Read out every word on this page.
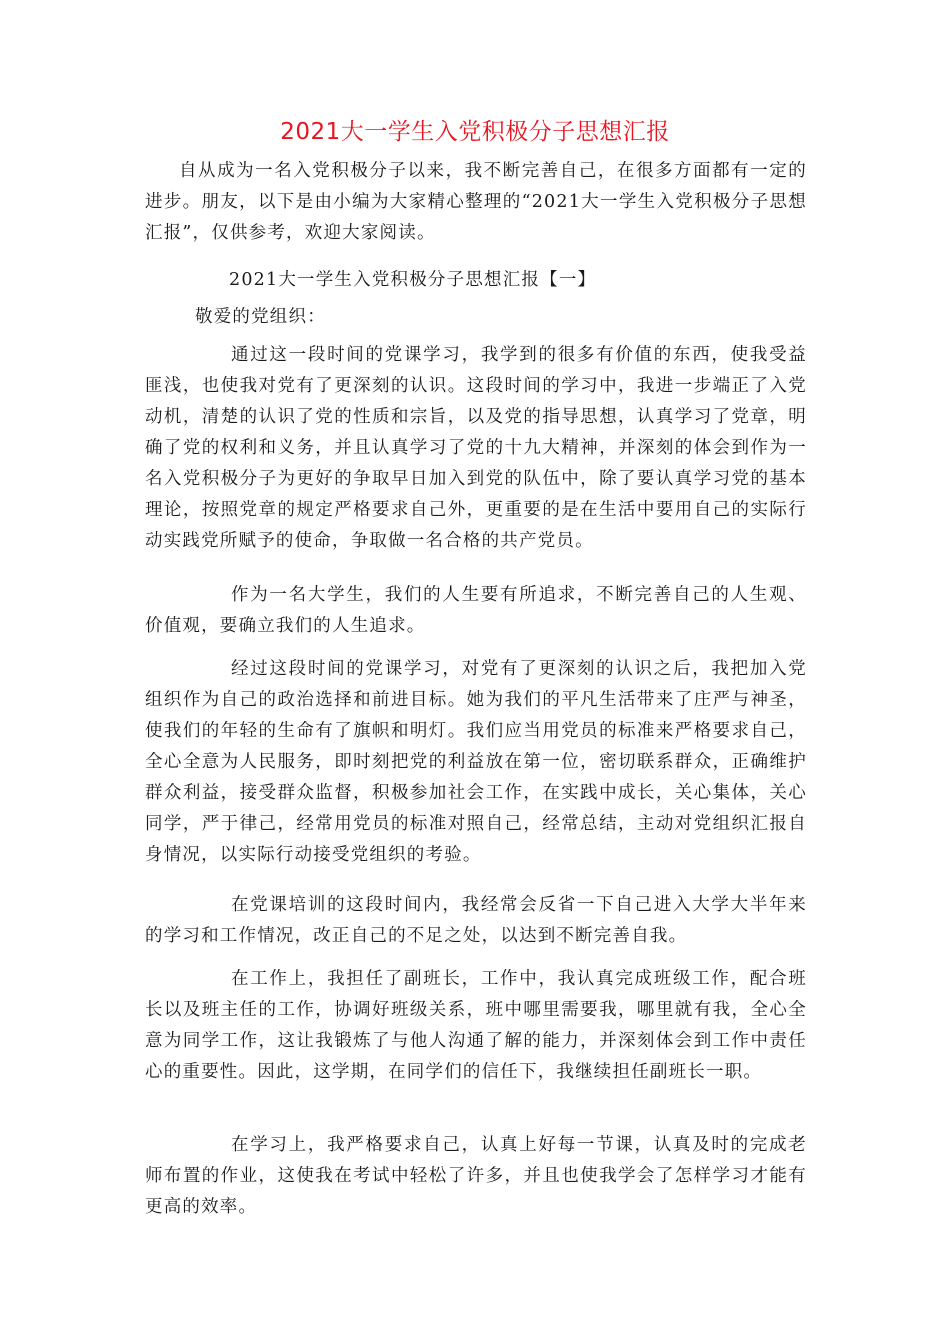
2021大一学生入党积极分子思想汇报

自从成为一名入党积极分子以来，我不断完善自己，在很多方面都有一定的进步。朋友，以下是由小编为大家精心整理的“2021大一学生入党积极分子思想汇报”，仅供参考，欢迎大家阅读。

2021大一学生入党积极分子思想汇报【一】

敬爱的党组织：

通过这一段时间的党课学习，我学到的很多有价值的东西，使我受益匪浅，也使我对党有了更深刻的认识。这段时间的学习中，我进一步端正了入党动机，清楚的认识了党的性质和宗旨，以及党的指导思想，认真学习了党章，明确了党的权利和义务，并且认真学习了党的十九大精神，并深刻的体会到作为一名入党积极分子为更好的争取早日加入到党的队伍中，除了要认真学习党的基本理论，按照党章的规定严格要求自己外，更重要的是在生活中要用自己的实际行动实践党所赋予的使命，争取做一名合格的共产党员。

作为一名大学生，我们的人生要有所追求，不断完善自己的人生观、价值观，要确立我们的人生追求。

经过这段时间的党课学习，对党有了更深刻的认识之后，我把加入党组织作为自己的政治选择和前进目标。她为我们的平凡生活带来了庄严与神圣，使我们的年轻的生命有了旗帜和明灯。我们应当用党员的标准来严格要求自己，全心全意为人民服务，即时刻把党的利益放在第一位，密切联系群众，正确维护群众利益，接受群众监督，积极参加社会工作，在实践中成长，关心集体，关心同学，严于律己，经常用党员的标准对照自己，经常总结，主动对党组织汇报自身情况，以实际行动接受党组织的考验。

在党课培训的这段时间内，我经常会反省一下自己进入大学大半年来的学习和工作情况，改正自己的不足之处，以达到不断完善自我。

在工作上，我担任了副班长，工作中，我认真完成班级工作，配合班长以及班主任的工作，协调好班级关系，班中哪里需要我，哪里就有我，全心全意为同学工作，这让我锻炼了与他人沟通了解的能力，并深刻体会到工作中责任心的重要性。因此，这学期，在同学们的信任下，我继续担任副班长一职。

在学习上，我严格要求自己，认真上好每一节课，认真及时的完成老师布置的作业，这使我在考试中轻松了许多，并且也使我学会了怎样学习才能有更高的效率。
